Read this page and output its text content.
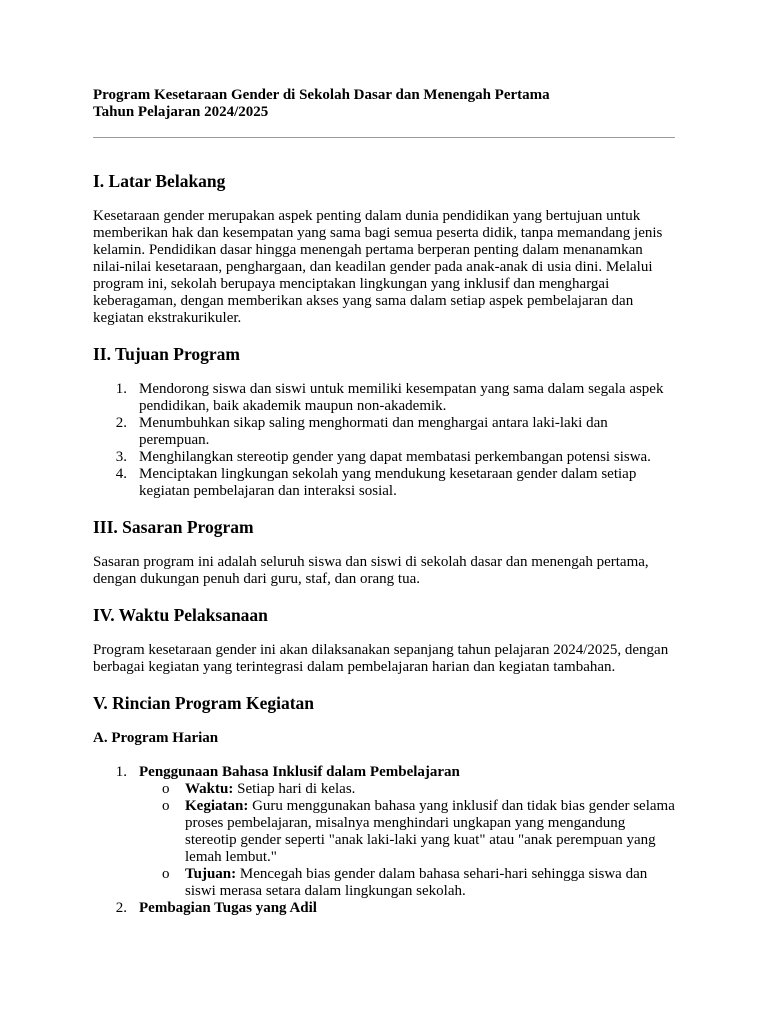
Program Kesetaraan Gender di Sekolah Dasar dan Menengah Pertama
Tahun Pelajaran 2024/2025
I. Latar Belakang

Kesetaraan gender merupakan aspek penting dalam dunia pendidikan yang bertujuan untuk memberikan hak dan kesempatan yang sama bagi semua peserta didik, tanpa memandang jenis kelamin. Pendidikan dasar hingga menengah pertama berperan penting dalam menanamkan nilai-nilai kesetaraan, penghargaan, dan keadilan gender pada anak-anak di usia dini. Melalui program ini, sekolah berupaya menciptakan lingkungan yang inklusif dan menghargai keberagaman, dengan memberikan akses yang sama dalam setiap aspek pembelajaran dan kegiatan ekstrakurikuler.

II. Tujuan Program
1. Mendorong siswa dan siswi untuk memiliki kesempatan yang sama dalam segala aspek pendidikan, baik akademik maupun non-akademik.
2. Menumbuhkan sikap saling menghormati dan menghargai antara laki-laki dan perempuan.
3. Menghilangkan stereotip gender yang dapat membatasi perkembangan potensi siswa.
4. Menciptakan lingkungan sekolah yang mendukung kesetaraan gender dalam setiap kegiatan pembelajaran dan interaksi sosial.
III. Sasaran Program

Sasaran program ini adalah seluruh siswa dan siswi di sekolah dasar dan menengah pertama, dengan dukungan penuh dari guru, staf, dan orang tua.

IV. Waktu Pelaksanaan

Program kesetaraan gender ini akan dilaksanakan sepanjang tahun pelajaran 2024/2025, dengan berbagai kegiatan yang terintegrasi dalam pembelajaran harian dan kegiatan tambahan.

V. Rincian Program Kegiatan
A. Program Harian
1. Penggunaan Bahasa Inklusif dalam Pembelajaran
o Waktu: Setiap hari di kelas.
o Kegiatan: Guru menggunakan bahasa yang inklusif dan tidak bias gender selama proses pembelajaran, misalnya menghindari ungkapan yang mengandung stereotip gender seperti "anak laki-laki yang kuat" atau "anak perempuan yang lemah lembut."
o Tujuan: Mencegah bias gender dalam bahasa sehari-hari sehingga siswa dan siswi merasa setara dalam lingkungan sekolah.
2. Pembagian Tugas yang Adil
